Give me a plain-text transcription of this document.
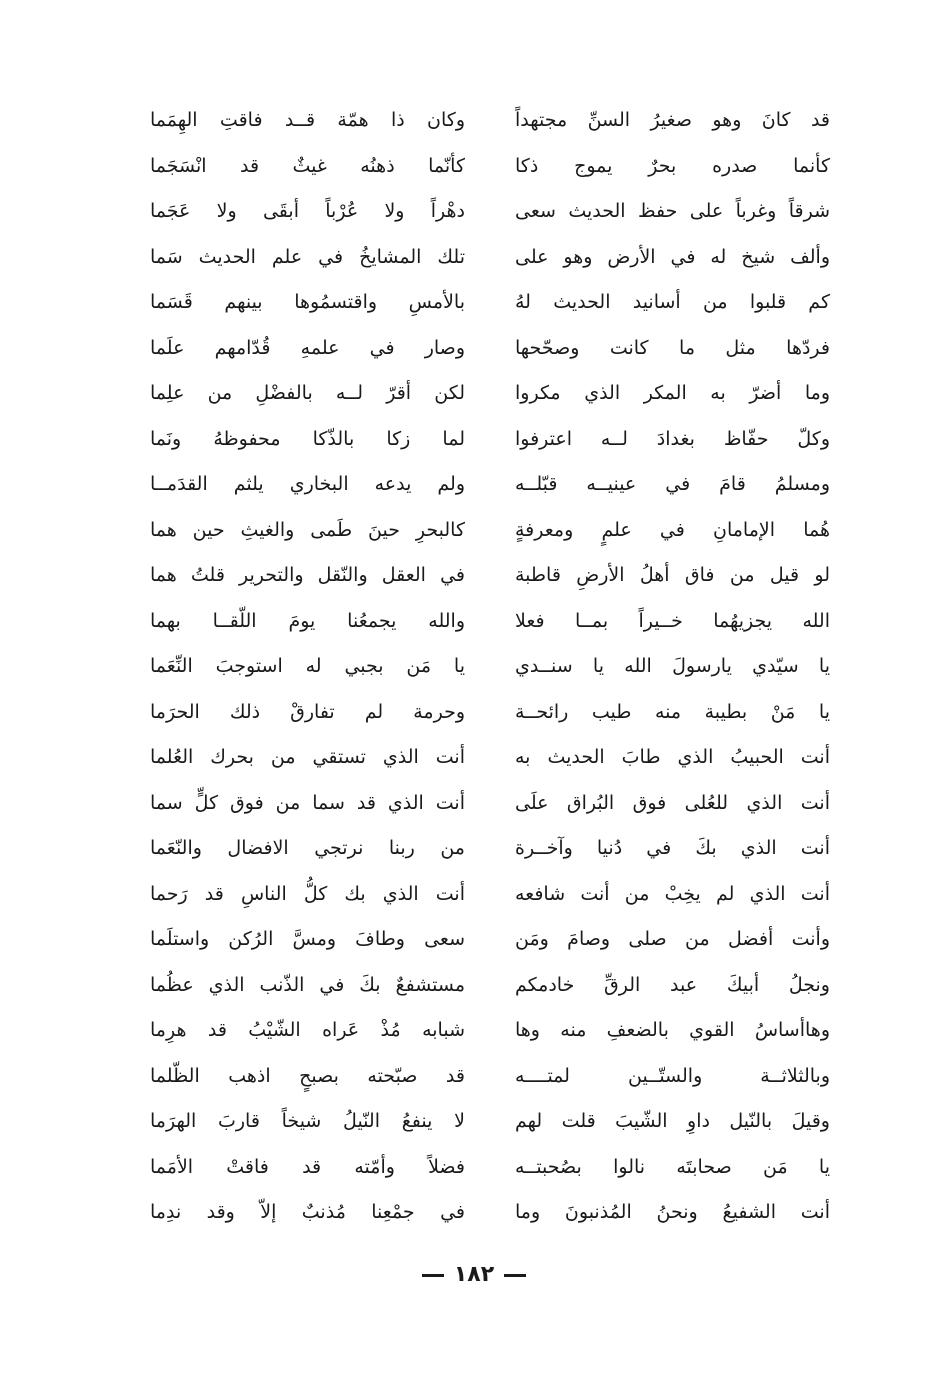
وكان ذا همّة قــد فاقتِ الهِمَما
كأنّما ذهنُه غيثٌ قد انْسَجَما
دهْراً ولا عُرْباً أبقَى ولا عَجَما
تلك المشايخُ في علم الحديث سَما
بالأمسِ واقتسمُوها بينهم قَسَما
وصار في علمهِ قُدّامهم علَما
لكن أقرّ لــه بالفضْلِ من علِما
لما زكا بالذّكا محفوظهُ ونَما
ولم يدعه البخاري يلثم القدَمــا
كالبحرِ حينَ طَمى والغيثِ حين هما
في العقل والنّقل والتحرير قلتُ هما
والله يجمعُنا يومَ اللّقــا بهما
يا مَن بجبي له استوجبَ النِّعَما
وحرمة لم تفارقْ ذلك الحرَما
أنت الذي تستقي من بحرك العُلما
أنت الذي قد سما من فوق كلٍّ سما
من ربنا نرتجي الافضال والنّعَما
أنت الذي بك كلُّ الناسِ قد رَحما
سعى وطافَ ومسَّ الرُكن واستلَما
مستشفعٌ بكَ في الذّنب الذي عظُما
شبابه مُذْ عَراه الشّيْبُ قد هرِما
قد صبّحته بصبحٍ اذهب الظّلما
لا ينفعُ النّيلُ شيخاً قاربَ الهرَما
فضلاً وأمّته قد فاقتْ الأمَما
في جمْعِنا مُذنبٌ إلاّ وقد ندِما
قد كانَ وهو صغيرُ السنِّ مجتهداً
كأنما صدره بحرٌ يموج ذكا
شرقاً وغرباً على حفظ الحديث سعى
وألف شيخ له في الأرض وهو على
كم قلبوا من أسانيد الحديث لهُ
فردّها مثل ما كانت وصحّحها
وما أضرّ به المكر الذي مكروا
وكلّ حفّاظ بغدادَ لــه اعترفوا
ومسلمُ قامَ في عينيــه قبّلــه
هُما الإمامانِ في علمٍ ومعرفةٍ
لو قيل من فاق أهلُ الأرضِ قاطبة
الله يجزيهُما خــيراً بمــا فعلا
يا سيّدي يارسولَ الله يا سنــدي
يا مَنْ بطيبة منه طيب رائحــة
أنت الحبيبُ الذي طابَ الحديث به
أنت الذي للعُلى فوق البُراق علَى
أنت الذي بكَ في دُنيا وآخــرة
أنت الذي لم يخِبْ من أنت شافعه
وأنت أفضل من صلى وصامَ ومَن
ونجلُ أبيكَ عبد الرقِّ خادمكم
وهاأساسُ القوي بالضعفِ منه وها
وبالثلاثــة والستّــين لمتــــه
وقيلَ بالنّيل داوِ الشّيبَ قلت لهم
يا مَن صحابتَه نالوا بصُحبتــه
أنت الشفيعُ ونحنُ المُذنبونَ وما
١٨٢
